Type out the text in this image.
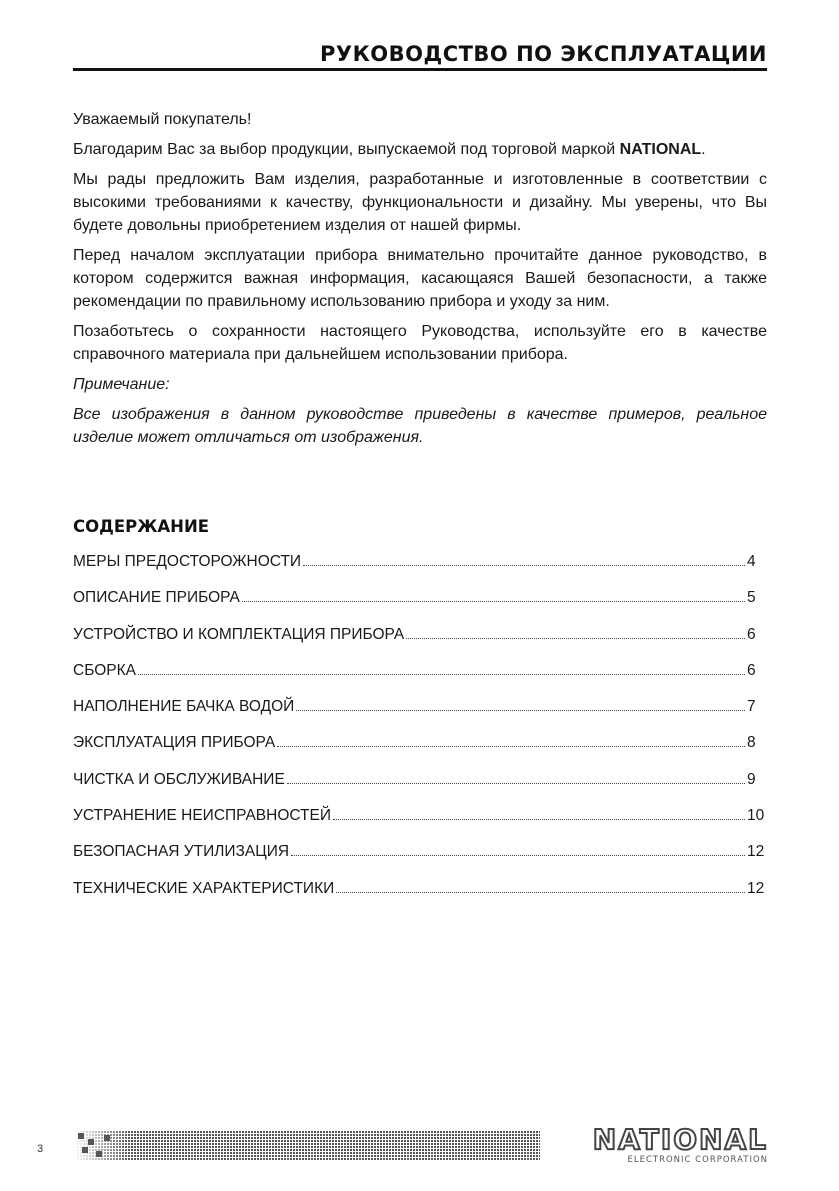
РУКОВОДСТВО ПО ЭКСПЛУАТАЦИИ

Уважаемый покупатель!

Благодарим Вас за выбор продукции, выпускаемой под торговой маркой NATIONAL.

Мы рады предложить Вам изделия, разработанные и изготовленные в соответствии с высокими требованиями к качеству, функциональности и дизайну. Мы уверены, что Вы будете довольны приобретением изделия от нашей фирмы.

Перед началом эксплуатации прибора внимательно прочитайте данное руководство, в котором содержится важная информация, касающаяся Вашей безопасности, а также рекомендации по правильному использованию прибора и уходу за ним.

Позаботьтесь о сохранности настоящего Руководства, используйте его в качестве справочного материала при дальнейшем использовании прибора.

Примечание:

Все изображения в данном руководстве приведены в качестве примеров, реальное изделие может отличаться от изображения.

СОДЕРЖАНИЕ
МЕРЫ ПРЕДОСТОРОЖНОСТИ	4
ОПИСАНИЕ ПРИБОРА	5
УСТРОЙСТВО И КОМПЛЕКТАЦИЯ ПРИБОРА	6
СБОРКА	6
НАПОЛНЕНИЕ БАЧКА ВОДОЙ	7
ЭКСПЛУАТАЦИЯ ПРИБОРА	8
ЧИСТКА И ОБСЛУЖИВАНИЕ	9
УСТРАНЕНИЕ НЕИСПРАВНОСТЕЙ	10
БЕЗОПАСНАЯ УТИЛИЗАЦИЯ	12
ТЕХНИЧЕСКИЕ ХАРАКТЕРИСТИКИ	12
3	NATIONAL
ELECTRONIC CORPORATION
